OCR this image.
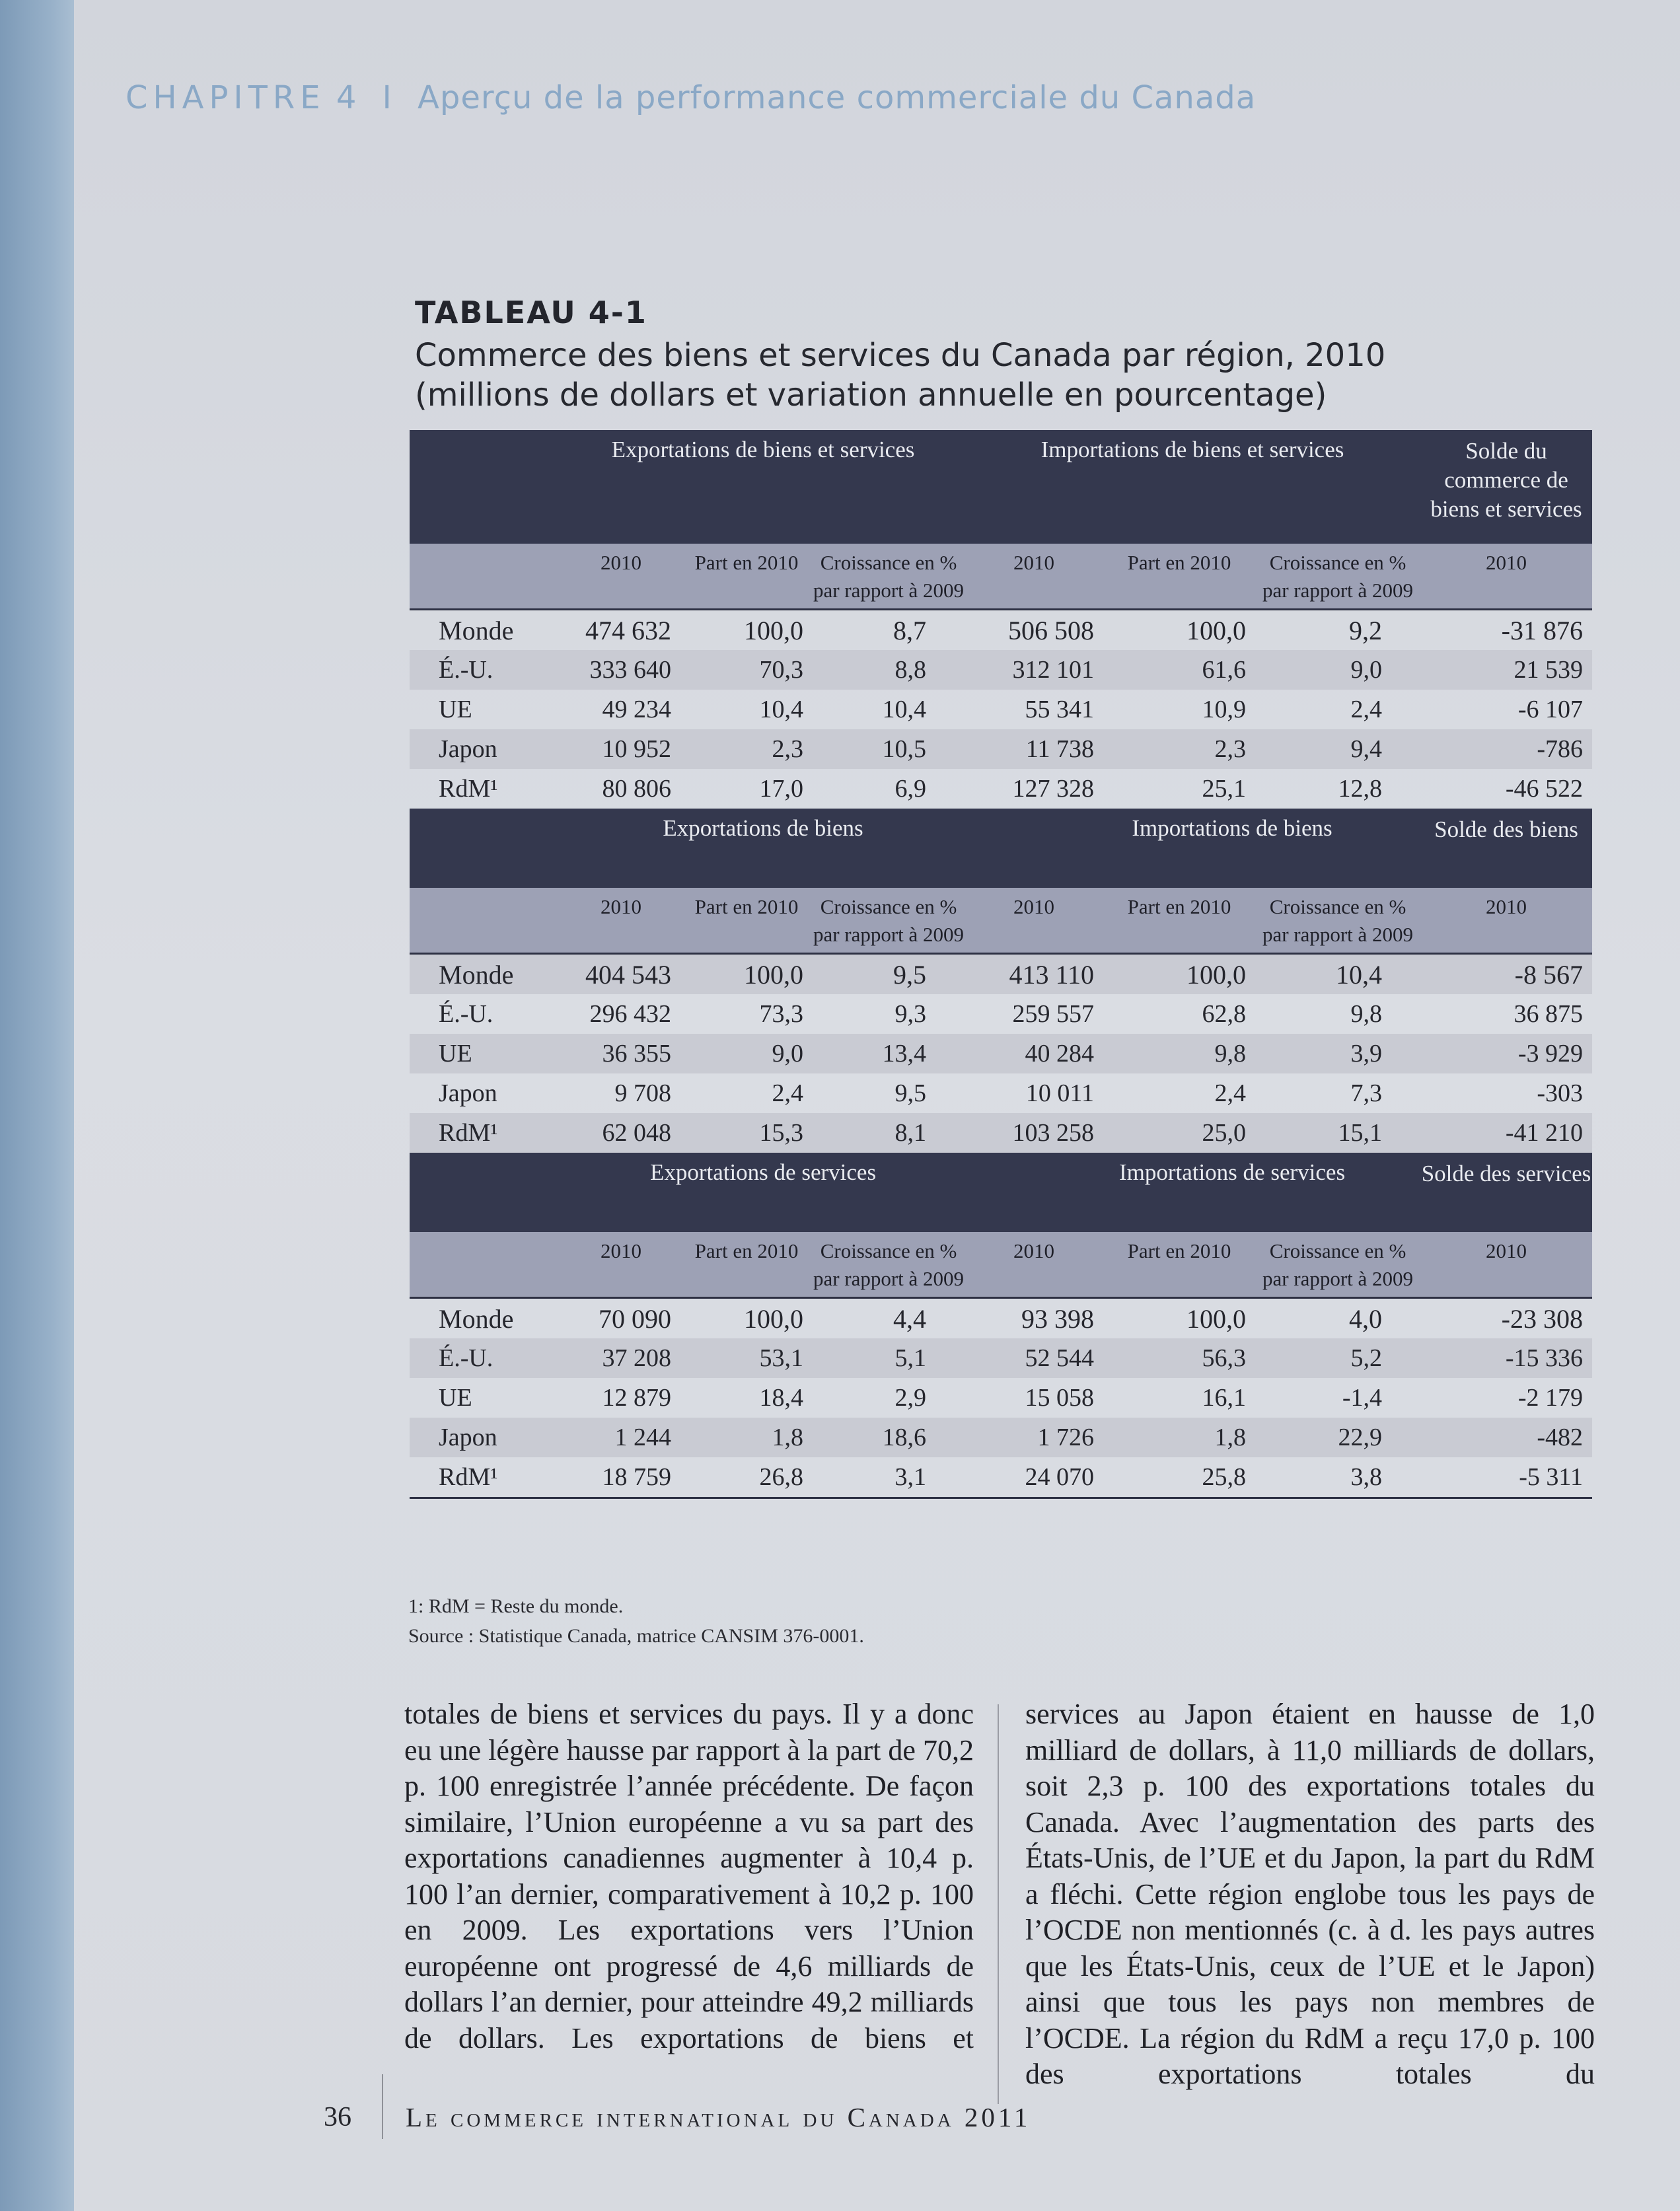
CHAPITRE 4 I Aperçu de la performance commerciale du Canada
TABLEAU 4-1
Commerce des biens et services du Canada par région, 2010
(millions de dollars et variation annuelle en pourcentage)
	Exportations de biens et services			Importations de biens et services			Solde du commerce de biens et services
	2010	Part en 2010	Croissance en % par rapport à 2009	2010	Part en 2010	Croissance en % par rapport à 2009	2010
Monde	474 632	100,0	8,7	506 508	100,0	9,2	-31 876
É.-U.	333 640	70,3	8,8	312 101	61,6	9,0	21 539
UE	49 234	10,4	10,4	55 341	10,9	2,4	-6 107
Japon	10 952	2,3	10,5	11 738	2,3	9,4	-786
RdM¹	80 806	17,0	6,9	127 328	25,1	12,8	-46 522
	Exportations de biens			Importations de biens			Solde des biens
	2010	Part en 2010	Croissance en % par rapport à 2009	2010	Part en 2010	Croissance en % par rapport à 2009	2010
Monde	404 543	100,0	9,5	413 110	100,0	10,4	-8 567
É.-U.	296 432	73,3	9,3	259 557	62,8	9,8	36 875
UE	36 355	9,0	13,4	40 284	9,8	3,9	-3 929
Japon	9 708	2,4	9,5	10 011	2,4	7,3	-303
RdM¹	62 048	15,3	8,1	103 258	25,0	15,1	-41 210
	Exportations de services			Importations de services			Solde des services
	2010	Part en 2010	Croissance en % par rapport à 2009	2010	Part en 2010	Croissance en % par rapport à 2009	2010
Monde	70 090	100,0	4,4	93 398	100,0	4,0	-23 308
É.-U.	37 208	53,1	5,1	52 544	56,3	5,2	-15 336
UE	12 879	18,4	2,9	15 058	16,1	-1,4	-2 179
Japon	1 244	1,8	18,6	1 726	1,8	22,9	-482
RdM¹	18 759	26,8	3,1	24 070	25,8	3,8	-5 311

1: RdM = Reste du monde.
Source : Statistique Canada, matrice CANSIM 376-0001.
totales de biens et services du pays. Il y a donc eu une légère hausse par rapport à la part de 70,2 p. 100 enregistrée l’année précédente. De façon similaire, l’Union européenne a vu sa part des exportations canadiennes augmenter à 10,4 p. 100 l’an dernier, comparativement à 10,2 p. 100 en 2009. Les exportations vers l’Union européenne ont progressé de 4,6 milliards de dollars l’an dernier, pour atteindre 49,2 milliards de dollars. Les exportations de biens et
services au Japon étaient en hausse de 1,0 milliard de dollars, à 11,0 milliards de dollars, soit 2,3 p. 100 des exportations totales du Canada. Avec l’augmentation des parts des États-Unis, de l’UE et du Japon, la part du RdM a fléchi. Cette région englobe tous les pays de l’OCDE non mentionnés (c. à d. les pays autres que les États-Unis, ceux de l’UE et le Japon) ainsi que tous les pays non membres de l’OCDE. La région du RdM a reçu 17,0 p. 100 des exportations totales du
36 Le commerce international du Canada 2011
